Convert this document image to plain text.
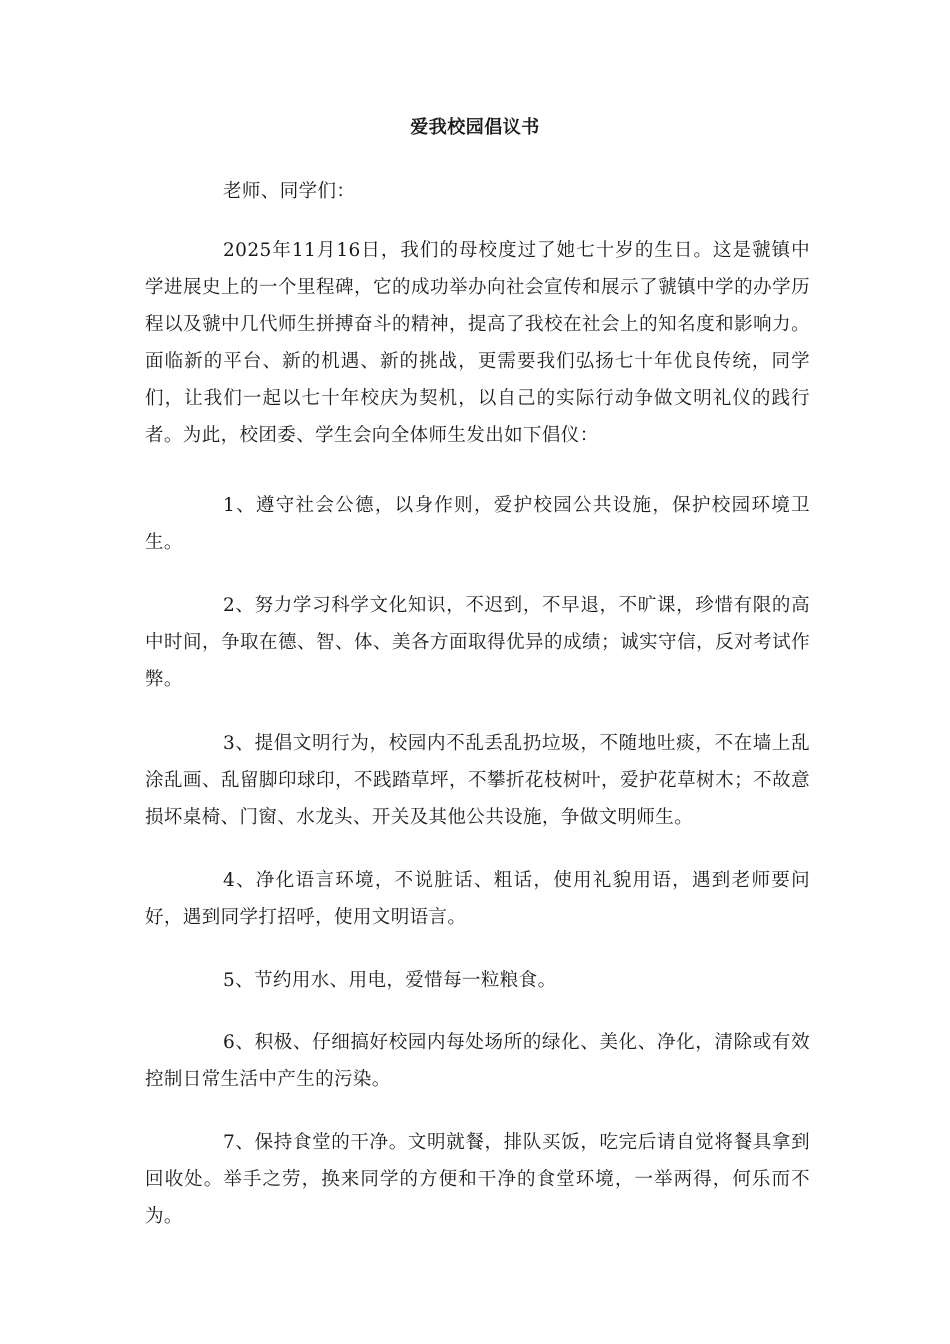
爱我校园倡议书
老师、同学们：

2025年11月16日，我们的母校度过了她七十岁的生日。这是虢镇中学进展史上的一个里程碑，它的成功举办向社会宣传和展示了虢镇中学的办学历程以及虢中几代师生拼搏奋斗的精神，提高了我校在社会上的知名度和影响力。面临新的平台、新的机遇、新的挑战，更需要我们弘扬七十年优良传统，同学们，让我们一起以七十年校庆为契机，以自己的实际行动争做文明礼仪的践行者。为此，校团委、学生会向全体师生发出如下倡仪：

1、遵守社会公德，以身作则，爱护校园公共设施，保护校园环境卫生。

2、努力学习科学文化知识，不迟到，不早退，不旷课，珍惜有限的高中时间，争取在德、智、体、美各方面取得优异的成绩；诚实守信，反对考试作弊。

3、提倡文明行为，校园内不乱丢乱扔垃圾，不随地吐痰，不在墙上乱涂乱画、乱留脚印球印，不践踏草坪，不攀折花枝树叶，爱护花草树木；不故意损坏桌椅、门窗、水龙头、开关及其他公共设施，争做文明师生。

4、净化语言环境，不说脏话、粗话，使用礼貌用语，遇到老师要问好，遇到同学打招呼，使用文明语言。

5、节约用水、用电，爱惜每一粒粮食。

6、积极、仔细搞好校园内每处场所的绿化、美化、净化，清除或有效控制日常生活中产生的污染。

7、保持食堂的干净。文明就餐，排队买饭，吃完后请自觉将餐具拿到回收处。举手之劳，换来同学的方便和干净的食堂环境，一举两得，何乐而不为。
